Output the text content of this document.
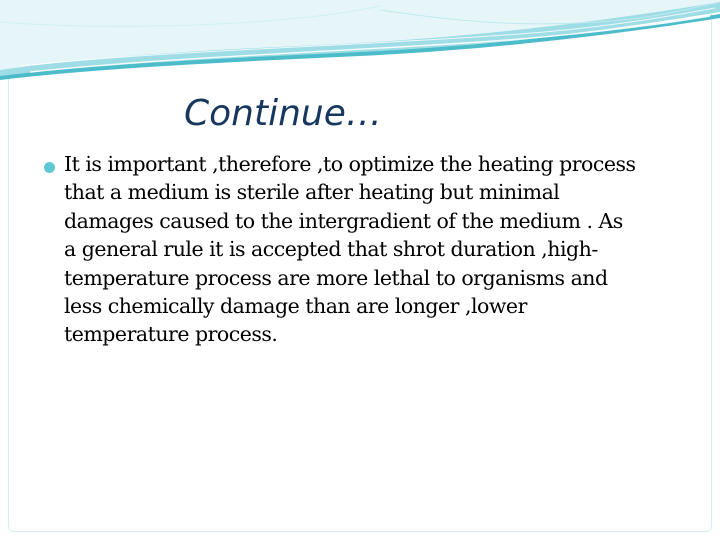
Continue…
It is important ,therefore ,to optimize the heating process that a medium is sterile after heating but minimal damages caused to the intergradient of the medium . As a general rule it is accepted that shrot duration ,high- temperature process are more lethal to organisms and less chemically damage than are longer ,lower temperature process.
